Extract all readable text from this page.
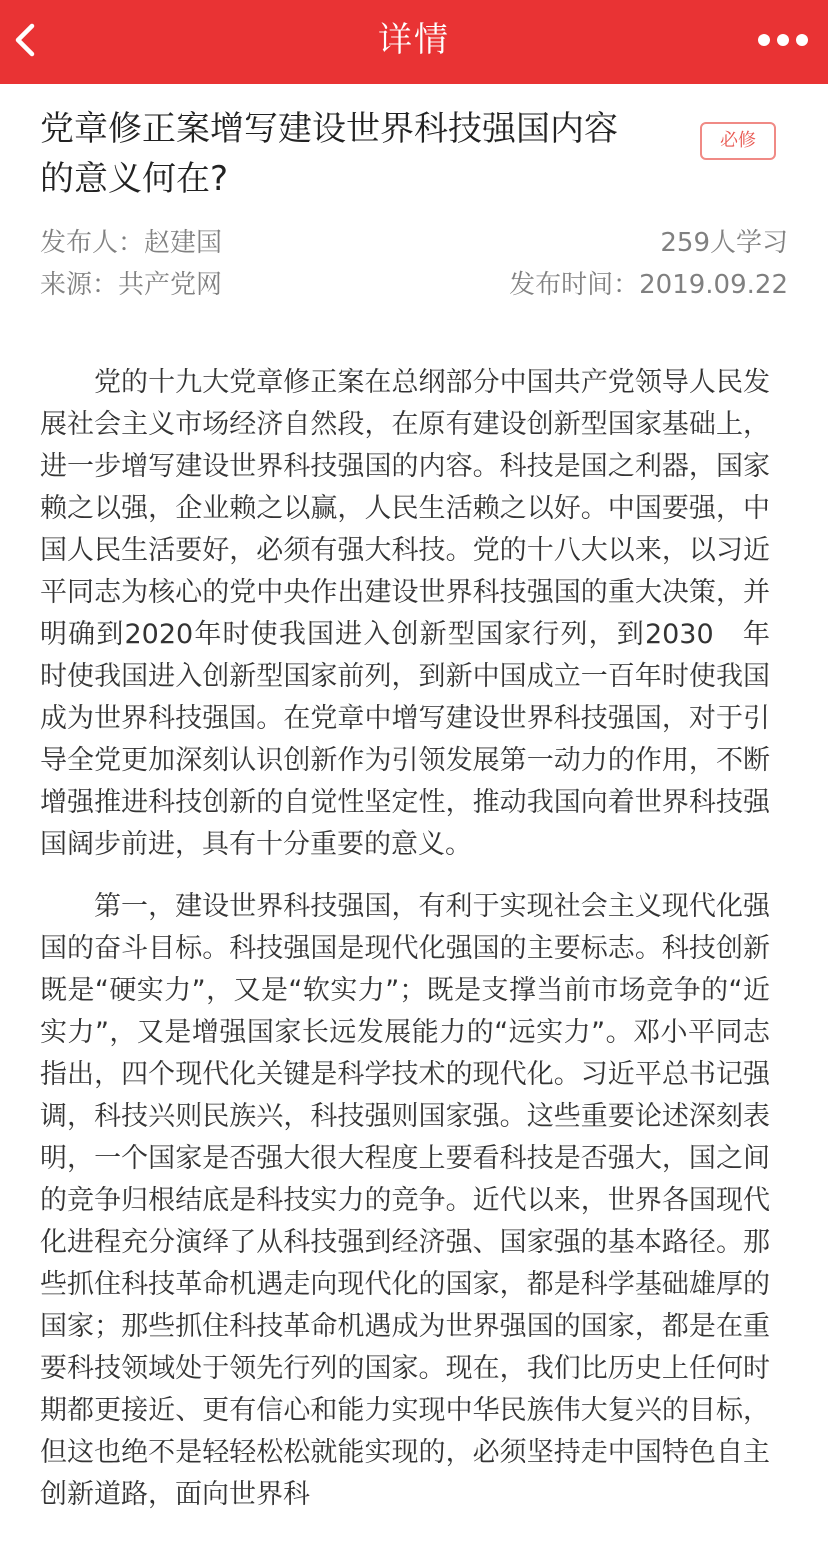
详情
党章修正案增写建设世界科技强国内容的意义何在?
必修
发布人：赵建国	259人学习
来源：共产党网	发布时间：2019.09.22

党的十九大党章修正案在总纲部分中国共产党领导人民发展社会主义市场经济自然段，在原有建设创新型国家基础上，进一步增写建设世界科技强国的内容。科技是国之利器，国家赖之以强，企业赖之以赢，人民生活赖之以好。中国要强，中国人民生活要好，必须有强大科技。党的十八大以来，以习近平同志为核心的党中央作出建设世界科技强国的重大决策，并明确到2020年时使我国进入创新型国家行列，到2030　年时使我国进入创新型国家前列，到新中国成立一百年时使我国成为世界科技强国。在党章中增写建设世界科技强国，对于引导全党更加深刻认识创新作为引领发展第一动力的作用，不断增强推进科技创新的自觉性坚定性，推动我国向着世界科技强国阔步前进，具有十分重要的意义。

第一，建设世界科技强国，有利于实现社会主义现代化强国的奋斗目标。科技强国是现代化强国的主要标志。科技创新既是“硬实力”，又是“软实力”；既是支撑当前市场竞争的“近实力”，又是增强国家长远发展能力的“远实力”。邓小平同志指出，四个现代化关键是科学技术的现代化。习近平总书记强调，科技兴则民族兴，科技强则国家强。这些重要论述深刻表明，一个国家是否强大很大程度上要看科技是否强大，国之间的竞争归根结底是科技实力的竞争。近代以来，世界各国现代化进程充分演绎了从科技强到经济强、国家强的基本路径。那些抓住科技革命机遇走向现代化的国家，都是科学基础雄厚的国家；那些抓住科技革命机遇成为世界强国的国家，都是在重要科技领域处于领先行列的国家。现在，我们比历史上任何时期都更接近、更有信心和能力实现中华民族伟大复兴的目标，但这也绝不是轻轻松松就能实现的，必须坚持走中国特色自主创新道路，面向世界科
